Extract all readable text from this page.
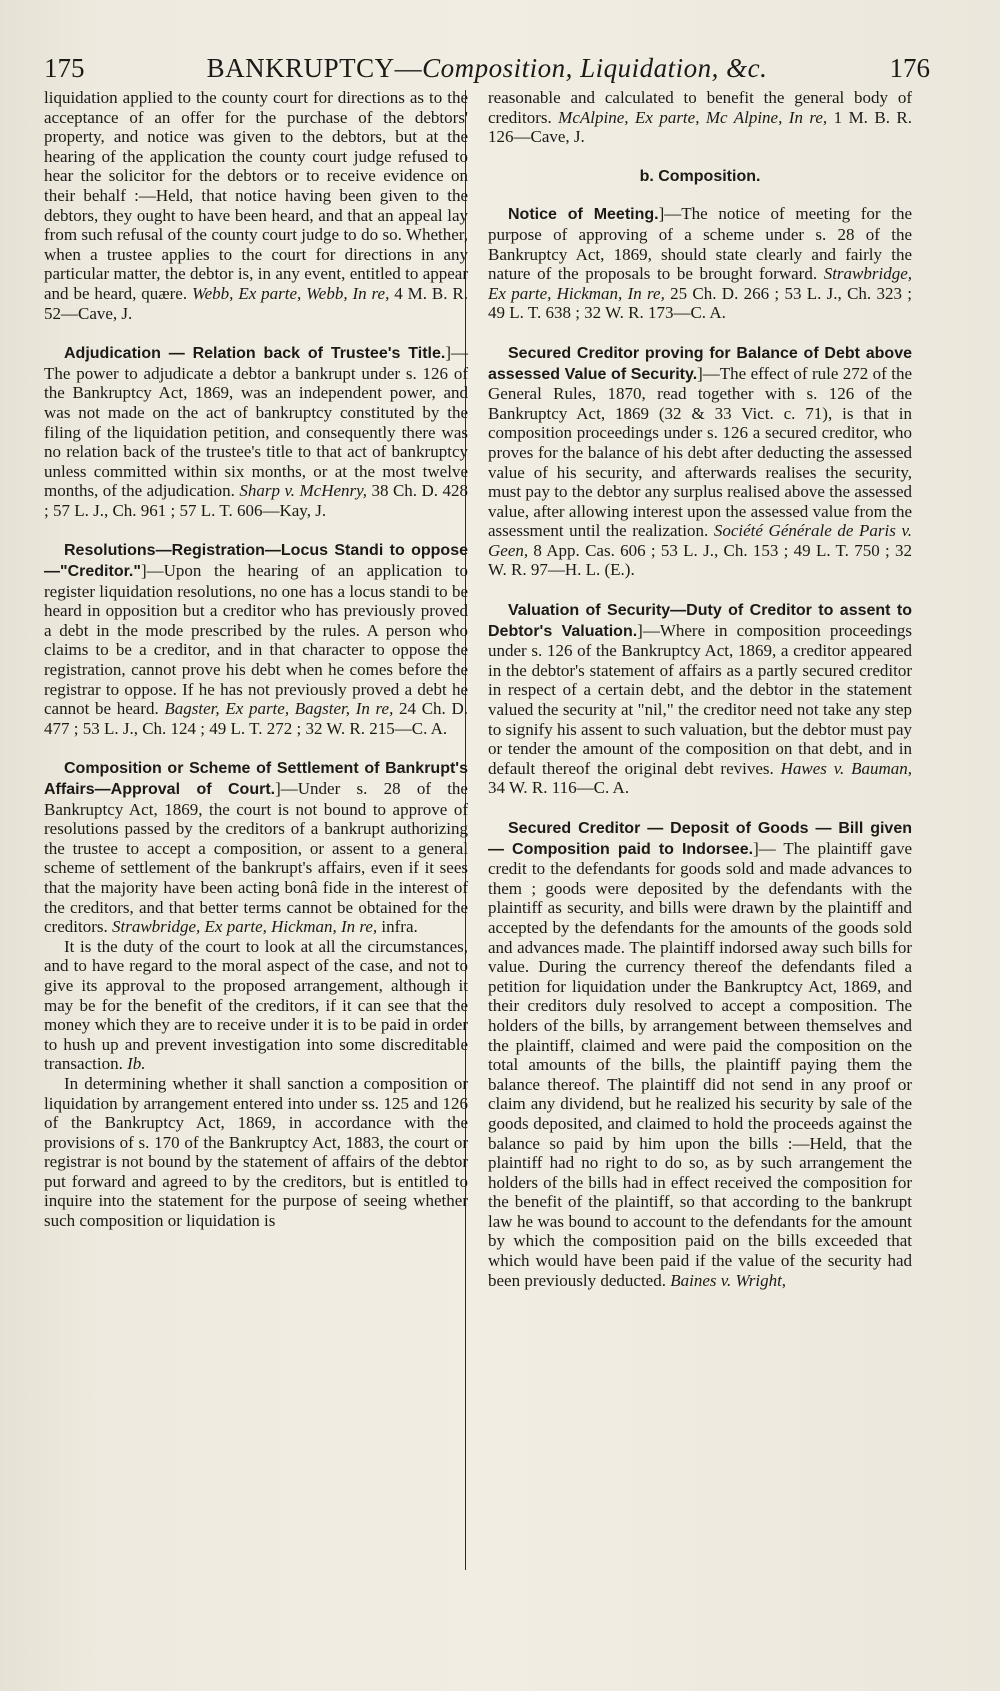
175	BANKRUPTCY—Composition, Liquidation, &c.	176

liquidation applied to the county court for directions as to the acceptance of an offer for the purchase of the debtors' property, and notice was given to the debtors, but at the hearing of the application the county court judge refused to hear the solicitor for the debtors or to receive evidence on their behalf :—Held, that notice having been given to the debtors, they ought to have been heard, and that an appeal lay from such refusal of the county court judge to do so. Whether, when a trustee applies to the court for directions in any particular matter, the debtor is, in any event, entitled to appear and be heard, quære. Webb, Ex parte, Webb, In re, 4 M. B. R. 52—Cave, J.

Adjudication — Relation back of Trustee's Title.]—The power to adjudicate a debtor a bankrupt under s. 126 of the Bankruptcy Act, 1869, was an independent power, and was not made on the act of bankruptcy constituted by the filing of the liquidation petition, and consequently there was no relation back of the trustee's title to that act of bankruptcy unless committed within six months, or at the most twelve months, of the adjudication. Sharp v. McHenry, 38 Ch. D. 428 ; 57 L. J., Ch. 961 ; 57 L. T. 606—Kay, J.

Resolutions—Registration—Locus Standi to oppose—"Creditor."]—Upon the hearing of an application to register liquidation resolutions, no one has a locus standi to be heard in opposition but a creditor who has previously proved a debt in the mode prescribed by the rules. A person who claims to be a creditor, and in that character to oppose the registration, cannot prove his debt when he comes before the registrar to oppose. If he has not previously proved a debt he cannot be heard. Bagster, Ex parte, Bagster, In re, 24 Ch. D. 477 ; 53 L. J., Ch. 124 ; 49 L. T. 272 ; 32 W. R. 215—C. A.

Composition or Scheme of Settlement of Bankrupt's Affairs—Approval of Court.]—Under s. 28 of the Bankruptcy Act, 1869, the court is not bound to approve of resolutions passed by the creditors of a bankrupt authorizing the trustee to accept a composition, or assent to a general scheme of settlement of the bankrupt's affairs, even if it sees that the majority have been acting bonâ fide in the interest of the creditors, and that better terms cannot be obtained for the creditors. Strawbridge, Ex parte, Hickman, In re, infra.

It is the duty of the court to look at all the circumstances, and to have regard to the moral aspect of the case, and not to give its approval to the proposed arrangement, although it may be for the benefit of the creditors, if it can see that the money which they are to receive under it is to be paid in order to hush up and prevent investigation into some discreditable transaction. Ib.

In determining whether it shall sanction a composition or liquidation by arrangement entered into under ss. 125 and 126 of the Bankruptcy Act, 1869, in accordance with the provisions of s. 170 of the Bankruptcy Act, 1883, the court or registrar is not bound by the statement of affairs of the debtor put forward and agreed to by the creditors, but is entitled to inquire into the statement for the purpose of seeing whether such composition or liquidation is

reasonable and calculated to benefit the general body of creditors. McAlpine, Ex parte, Mc Alpine, In re, 1 M. B. R. 126—Cave, J.

b. Composition.

Notice of Meeting.]—The notice of meeting for the purpose of approving of a scheme under s. 28 of the Bankruptcy Act, 1869, should state clearly and fairly the nature of the proposals to be brought forward. Strawbridge, Ex parte, Hickman, In re, 25 Ch. D. 266 ; 53 L. J., Ch. 323 ; 49 L. T. 638 ; 32 W. R. 173—C. A.

Secured Creditor proving for Balance of Debt above assessed Value of Security.]—The effect of rule 272 of the General Rules, 1870, read together with s. 126 of the Bankruptcy Act, 1869 (32 & 33 Vict. c. 71), is that in composition proceedings under s. 126 a secured creditor, who proves for the balance of his debt after deducting the assessed value of his security, and afterwards realises the security, must pay to the debtor any surplus realised above the assessed value, after allowing interest upon the assessed value from the assessment until the realization. Société Générale de Paris v. Geen, 8 App. Cas. 606 ; 53 L. J., Ch. 153 ; 49 L. T. 750 ; 32 W. R. 97—H. L. (E.).

Valuation of Security—Duty of Creditor to assent to Debtor's Valuation.]—Where in composition proceedings under s. 126 of the Bankruptcy Act, 1869, a creditor appeared in the debtor's statement of affairs as a partly secured creditor in respect of a certain debt, and the debtor in the statement valued the security at "nil," the creditor need not take any step to signify his assent to such valuation, but the debtor must pay or tender the amount of the composition on that debt, and in default thereof the original debt revives. Hawes v. Bauman, 34 W. R. 116—C. A.

Secured Creditor — Deposit of Goods — Bill given — Composition paid to Indorsee.]— The plaintiff gave credit to the defendants for goods sold and made advances to them ; goods were deposited by the defendants with the plaintiff as security, and bills were drawn by the plaintiff and accepted by the defendants for the amounts of the goods sold and advances made. The plaintiff indorsed away such bills for value. During the currency thereof the defendants filed a petition for liquidation under the Bankruptcy Act, 1869, and their creditors duly resolved to accept a composition. The holders of the bills, by arrangement between themselves and the plaintiff, claimed and were paid the composition on the total amounts of the bills, the plaintiff paying them the balance thereof. The plaintiff did not send in any proof or claim any dividend, but he realized his security by sale of the goods deposited, and claimed to hold the proceeds against the balance so paid by him upon the bills :—Held, that the plaintiff had no right to do so, as by such arrangement the holders of the bills had in effect received the composition for the benefit of the plaintiff, so that according to the bankrupt law he was bound to account to the defendants for the amount by which the composition paid on the bills exceeded that which would have been paid if the value of the security had been previously deducted. Baines v. Wright,
